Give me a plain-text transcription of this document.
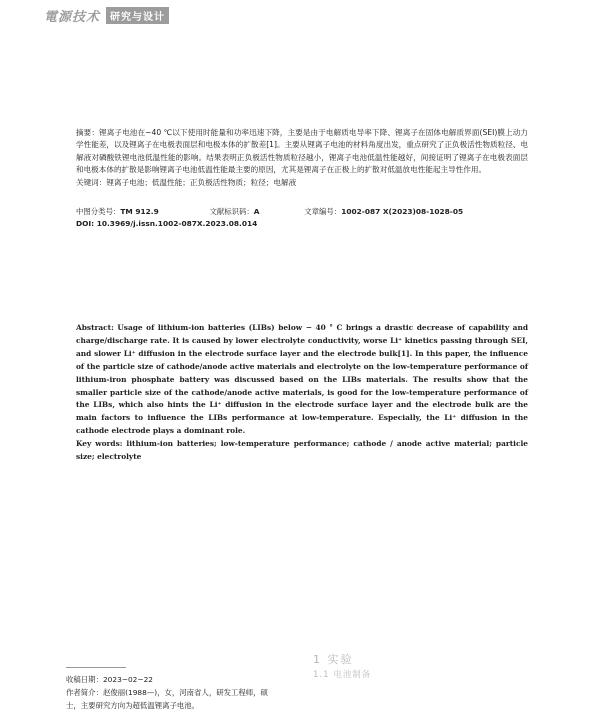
電源技术	研究与设计

摘要：锂离子电池在−40 ℃以下使用时能量和功率迅速下降，主要是由于电解质电导率下降、锂离子在固体电解质界面(SEI)膜上动力学性能差，以及锂离子在电极表面层和电极本体的扩散差[1]。主要从锂离子电池的材料角度出发，重点研究了正负极活性物质粒径、电解液对磷酸铁锂电池低温性能的影响。结果表明正负极活性物质粒径越小，锂离子电池低温性能越好，间接证明了锂离子在电极表面层和电极本体的扩散是影响锂离子电池低温性能最主要的原因，尤其是锂离子在正极上的扩散对低温放电性能起主导性作用。

关键词：锂离子电池；低温性能；正负极活性物质；粒径；电解液

中图分类号：TM 912.9	文献标识码：A	文章编号：1002-087 X(2023)08-1028-05
DOI: 10.3969/j.issn.1002-087X.2023.08.014

Abstract: Usage of lithium-ion batteries (LIBs) below − 40 ° C brings a drastic decrease of capability and charge/discharge rate. It is caused by lower electrolyte conductivity, worse Li⁺ kinetics passing through SEI, and slower Li⁺ diffusion in the electrode surface layer and the electrode bulk[1]. In this paper, the influence of the particle size of cathode/anode active materials and electrolyte on the low-temperature performance of lithium-iron phosphate battery was discussed based on the LIBs materials. The results show that the smaller particle size of the cathode/anode active materials, is good for the low-temperature performance of the LIBs, which also hints the Li⁺ diffusion in the electrode surface layer and the electrode bulk are the main factors to influence the LIBs performance at low-temperature. Especially, the Li⁺ diffusion in the cathode electrode plays a dominant role.

Key words: lithium-ion batteries; low-temperature performance; cathode / anode active material; particle size; electrolyte

收稿日期：2023−02−22
作者简介：赵俊丽(1988—)，女，河南省人，研发工程师，硕
士，主要研究方向为超低温锂离子电池。
1 实验
1.1 电池制备
